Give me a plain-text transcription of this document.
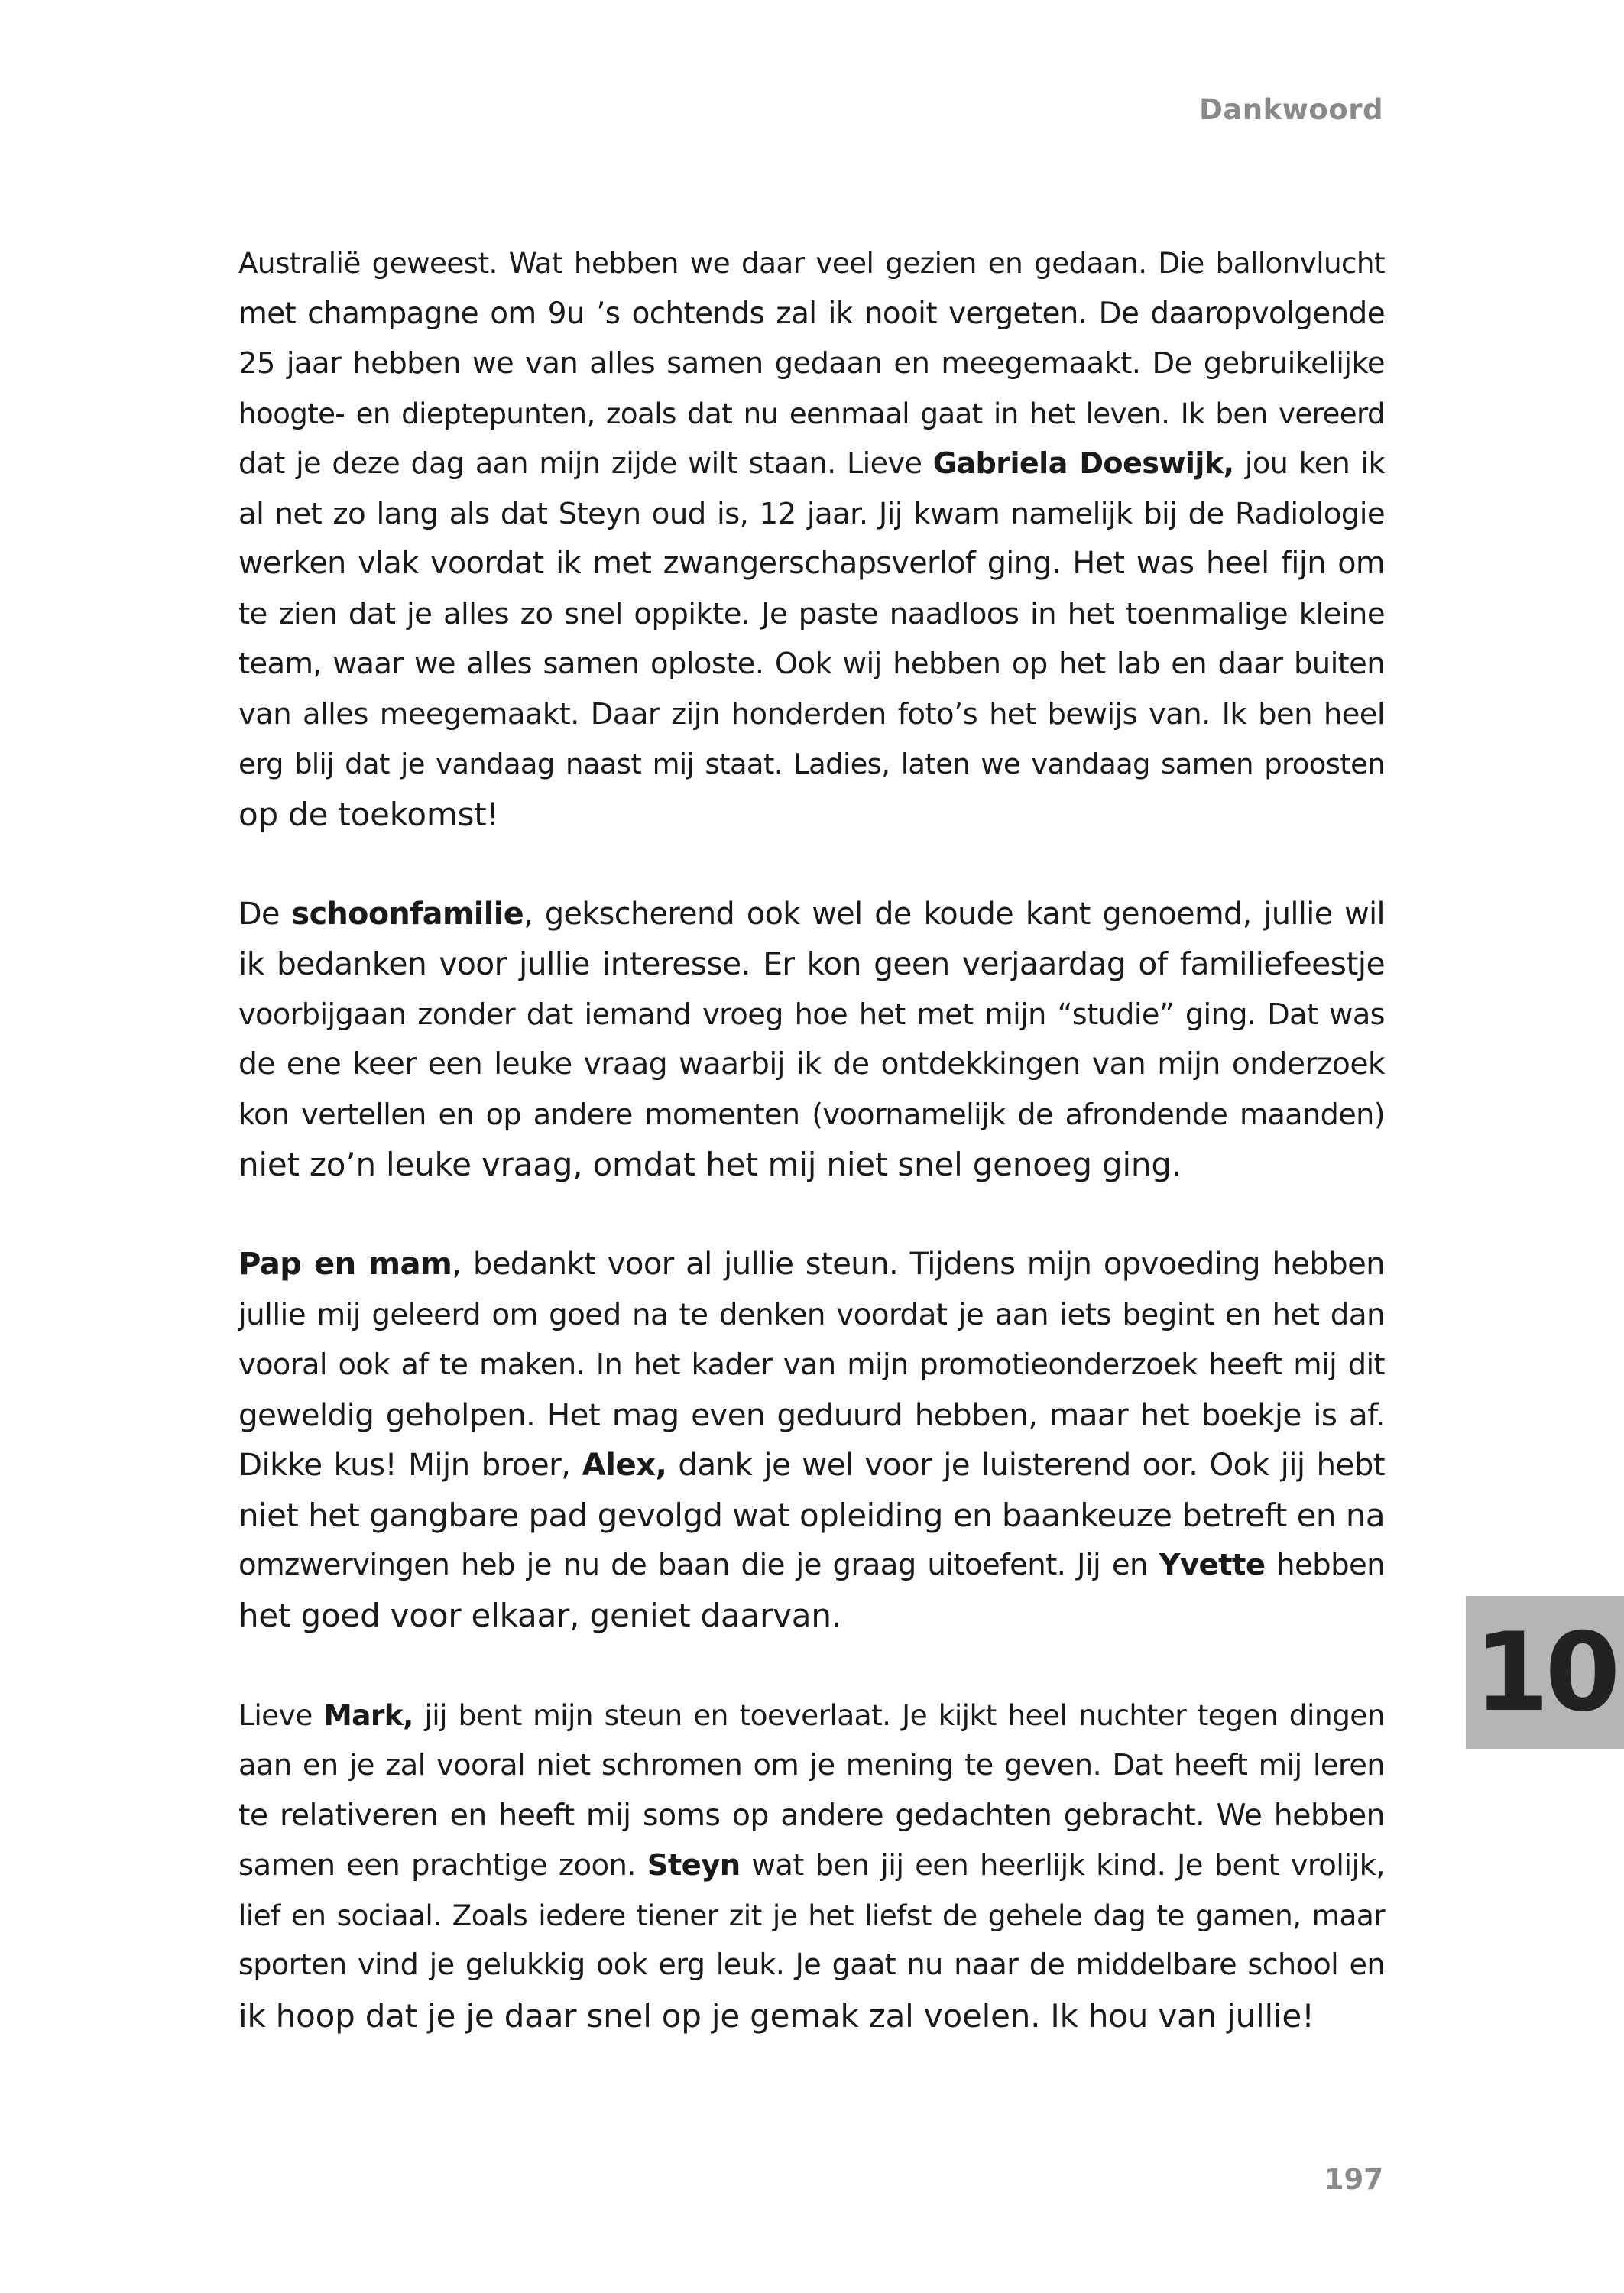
Dankwoord
Australië geweest. Wat hebben we daar veel gezien en gedaan. Die ballonvlucht
met champagne om 9u ’s ochtends zal ik nooit vergeten. De daaropvolgende
25 jaar hebben we van alles samen gedaan en meegemaakt. De gebruikelijke
hoogte- en dieptepunten, zoals dat nu eenmaal gaat in het leven. Ik ben vereerd
dat je deze dag aan mijn zijde wilt staan. Lieve Gabriela Doeswijk, jou ken ik
al net zo lang als dat Steyn oud is, 12 jaar. Jij kwam namelijk bij de Radiologie
werken vlak voordat ik met zwangerschapsverlof ging. Het was heel fijn om
te zien dat je alles zo snel oppikte. Je paste naadloos in het toenmalige kleine
team, waar we alles samen oploste. Ook wij hebben op het lab en daar buiten
van alles meegemaakt. Daar zijn honderden foto’s het bewijs van. Ik ben heel
erg blij dat je vandaag naast mij staat. Ladies, laten we vandaag samen proosten
op de toekomst!
De schoonfamilie, gekscherend ook wel de koude kant genoemd, jullie wil
ik bedanken voor jullie interesse. Er kon geen verjaardag of familiefeestje
voorbijgaan zonder dat iemand vroeg hoe het met mijn “studie” ging. Dat was
de ene keer een leuke vraag waarbij ik de ontdekkingen van mijn onderzoek
kon vertellen en op andere momenten (voornamelijk de afrondende maanden)
niet zo’n leuke vraag, omdat het mij niet snel genoeg ging.
Pap en mam, bedankt voor al jullie steun. Tijdens mijn opvoeding hebben
jullie mij geleerd om goed na te denken voordat je aan iets begint en het dan
vooral ook af te maken. In het kader van mijn promotieonderzoek heeft mij dit
geweldig geholpen. Het mag even geduurd hebben, maar het boekje is af.
Dikke kus! Mijn broer, Alex, dank je wel voor je luisterend oor. Ook jij hebt
niet het gangbare pad gevolgd wat opleiding en baankeuze betreft en na
omzwervingen heb je nu de baan die je graag uitoefent. Jij en Yvette hebben
het goed voor elkaar, geniet daarvan.
Lieve Mark, jij bent mijn steun en toeverlaat. Je kijkt heel nuchter tegen dingen
aan en je zal vooral niet schromen om je mening te geven. Dat heeft mij leren
te relativeren en heeft mij soms op andere gedachten gebracht. We hebben
samen een prachtige zoon. Steyn wat ben jij een heerlijk kind. Je bent vrolijk,
lief en sociaal. Zoals iedere tiener zit je het liefst de gehele dag te gamen, maar
sporten vind je gelukkig ook erg leuk. Je gaat nu naar de middelbare school en
ik hoop dat je je daar snel op je gemak zal voelen. Ik hou van jullie!
10
197
